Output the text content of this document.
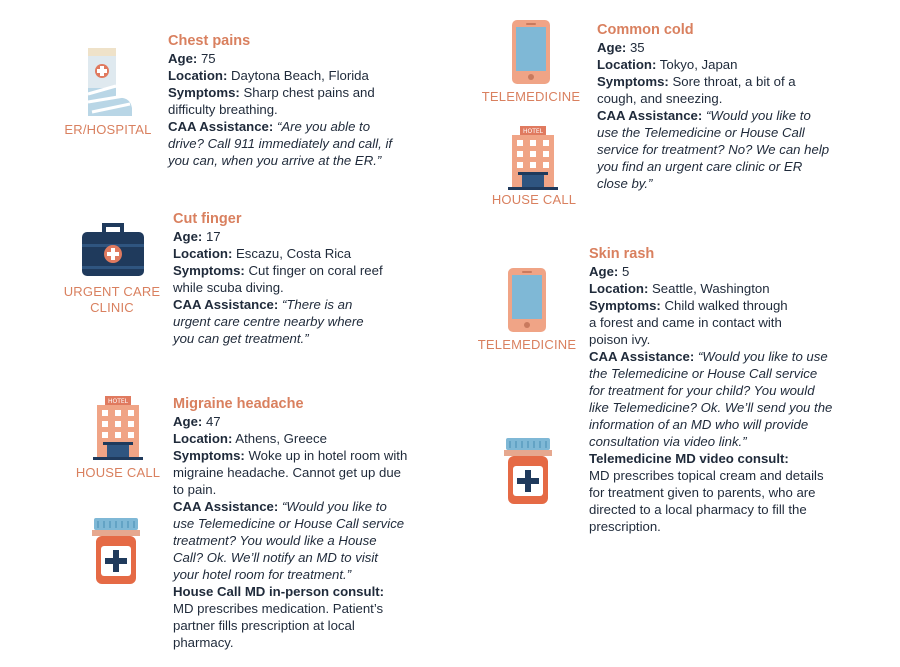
ER/HOSPITAL
Chest pains
Age: 75
Location: Daytona Beach, Florida
Symptoms: Sharp chest pains and
difficulty breathing.
CAA Assistance: “Are you able to
drive? Call 911 immediately and call, if
you can, when you arrive at the ER.”
URGENT CARE
CLINIC
Cut finger
Age: 17
Location: Escazu, Costa Rica
Symptoms: Cut finger on coral reef
while scuba diving.
CAA Assistance: “There is an
urgent care centre nearby where
you can get treatment.”
HOTEL
HOUSE CALL
Migraine headache
Age: 47
Location: Athens, Greece
Symptoms: Woke up in hotel room with
migraine headache. Cannot get up due
to pain.
CAA Assistance: “Would you like to
use Telemedicine or House Call service
treatment? You would like a House
Call? Ok. We’ll notify an MD to visit
your hotel room for treatment.”
House Call MD in-person consult:
MD prescribes medication. Patient’s
partner fills prescription at local
pharmacy.
TELEMEDICINE
HOTEL
HOUSE CALL
Common cold
Age: 35
Location: Tokyo, Japan
Symptoms: Sore throat, a bit of a
cough, and sneezing.
CAA Assistance: “Would you like to
use the Telemedicine or House Call
service for treatment? No? We can help
you find an urgent care clinic or ER
close by.”
TELEMEDICINE
Skin rash
Age: 5
Location: Seattle, Washington
Symptoms: Child walked through
a forest and came in contact with
poison ivy.
CAA Assistance: “Would you like to use
the Telemedicine or House Call service
for treatment for your child? You would
like Telemedicine? Ok. We’ll send you the
information of an MD who will provide
consultation via video link.”
Telemedicine MD video consult:
MD prescribes topical cream and details
for treatment given to parents, who are
directed to a local pharmacy to fill the
prescription.
